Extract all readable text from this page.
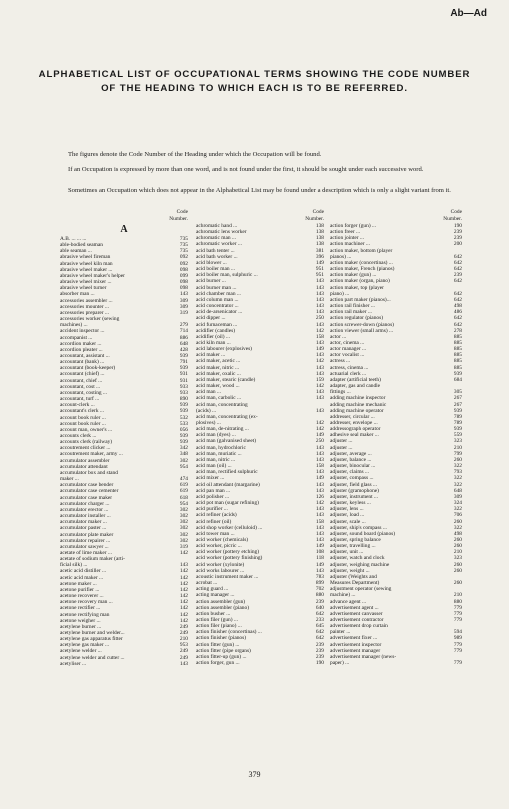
Ab—Ad
ALPHABETICAL LIST OF OCCUPATIONAL TERMS SHOWING THE CODE NUMBER OF THE HEADING TO WHICH EACH IS TO BE REFERRED.
The figures denote the Code Number of the Heading under which the Occupation will be found.
If an Occupation is expressed by more than one word, and is not found under the first, it should be sought under each successive word.
Sometimes an Occupation which does not appear in the Alphabetical List may be found under a description which is only a slight variant from it.
Code
Number.
A
A.B. ... ... ...	735
able-bodied seaman	735
able seaman ...	735
abrasive wheel fireman	092
abrasive wheel kiln man	092
abrasive wheel maker ...	098
abrasive wheel maker's helper	099
abrasive wheel mixer ...	098
abrasive wheel turner	098
absorber man ...	143
accessories assembler ...	309
accessories mounter ...	309
accessories preparer ...	319
accessories worker (sewing
machines) ...	279
accident inspector ...	714
accompanist ...	886
accordion maker ...	648
accordion pleater ...	428
accountant, assistant ...	939
accountant (bank) ...	791
accountant (book-keeper)	939
accountant (chief) ...	931
accountant, chief ...	931
accountant, cost ...	933
accountant, costing ...	933
accountant, turf ...	890
account-clerk ...	939
accountant's clerk ...	939
account book ruler ...	532
account book ruler ...	533
account man, owner's ...	056
accounts clerk ...	939
accounts clerk (railway)	939
accoutrement clicker ...	342
accoutrement maker, army ...	348
accumulator assembler	302
accumulator attendant	954
accumulator box and stand
maker ...	474
accumulator case bender	619
accumulator case cementer	619
accumulator case maker	618
accumulator charger ...	954
accumulator erector ...	302
accumulator installer ...	302
accumulator maker ...	302
accumulator paster ...	302
accumulator plate maker	302
accumulator repairer ...	302
accumulator sawyer ...	319
acetate of lime maker ...	142
acetate of sodium maker (arti-
ficial silk) ...	143
acetic acid distiller ...	142
acetic acid maker ...	142
acetone maker ...	142
acetone purifier ...	142
acetone recoverer ...	142
acetone recovery man ...	142
acetone rectifier ...	142
acetone rectifying man	142
acetone weigher ...	142
acetylene burner ...	249
acetylene burner and welder...	249
acetylene gas apparatus fitter	210
acetylene gas maker ...	953
acetylene welder ...	249
acetylene welder and cutter ...	249
acetyliser ...	143
Code
Number.
achromatic hand ...	138
achromatic lens worker	138
achromatic man ...	138
achromatic worker ...	138
acid bath tenter ...	381
acid bath worker ...	396
acid blower ...	149
acid boiler man ...	951
acid boiler man, sulphuric ...	951
acid burner ...	143
acid burner man ...	143
acid chamber man ...	143
acid column man ...	143
acid concentrator ...	143
acid de-arsenicator ...	143
acid dipper ...	250
acid furnaceman ...	143
acidifier (candles)	142
acidifier (oil) ...	158
acid kiln man ...	143
acid labourer (explosives)	149
acid maker ...	143
acid maker, acetic ...	142
acid maker, nitric ...	143
acid maker, oxalic ...	143
acid maker, stearic (candle)	159
acid maker, wood ...	142
acid man ...	143
acid man, carbolic ...	143
acid man, concentrating
(acids) ...	143
acid man, concentrating (ex-
plosives) ...	142
acid man, de-nitrating ...	142
acid man (dyes) ...	149
acid man (galvanised sheet)	250
acid man, hydrochloric	143
acid man, muriatic ...	143
acid man, nitric ...	143
acid man (oil) ...	158
acid man, rectified sulphuric	143
acid mixer ...	149
acid oil attendant (margarine)	143
acid pan man ...	143
acid polisher ...	126
acid pot man (sugar refining)	142
acid purifier ...	143
acid refiner (acids)	143
acid refiner (oil)	158
acid shop worker (celluloid) ...	143
acid tower man ...	143
acid worker (chemicals)	143
acid worker, picric ...	149
acid worker (pottery etching)	108
acid worker (pottery finishing)	118
acid worker (xylonite)	149
acid works labourer ...	143
acoustic instrument maker ...	783
acrobat ...	899
acting guard ...	702
acting manager ...	880
action assembler (gun)	239
action assembler (piano)	640
action busher ...	642
action filer (gun) ...	233
action filer (piano) ...	645
action finisher (concertinas) ...	642
action finisher (pianos)	642
action fitter (gun) ...	239
action fitter (pipe organs)	239
action fitter-up (gun) ...	239
action forger, gun ...	190
Code
Number.
action forger (gun) ...	190
action freer ...	239
action jointer ...	239
action machiner ...	200
action maker, bottom (player
pianos) ...	642
action maker (concertinas) ...	642
action maker, French (pianos)	642
action maker (gun) ...	239
action maker (organ, piano)	642
action maker, top (player
piano) ...	642
action part maker (pianos)...	642
action rail finisher ...	498
action rail maker ...	486
action regulator (pianos)	642
action screwer-down (pianos)	642
action viewer (small arms) ...	278
actor ...	885
actor, cinema ...	885
actor manager ...	885
actor vocalist ...	885
actress ...	885
actress, cinema ...	885
actuarial clerk ...	939
adapter (artificial teeth)	684
adapter, gas and candle
fittings ...	305
adding machine inspector	267
adding machine mechanic	267
adding machine operator	939
addresser, circular ...	789
addresser, envelope ...	789
addressograph operator	939
adhesive seal maker ...	559
adjuster ...	323
adjuster ...	210
adjuster, average ...	799
adjuster, balance ...	260
adjuster, binocular ...	322
adjuster, claims ...	793
adjuster, compass ...	322
adjuster, field glass ...	322
adjuster (gramophone)	648
adjuster, instrument ...	309
adjuster, keyless ...	324
adjuster, lens ...	322
adjuster, load ...	706
adjuster, scale ...	260
adjuster, ship's compass ...	322
adjuster, sound board (pianos)	498
adjuster, spring balance	260
adjuster, travelling ...	260
adjuster, unit ...	210
adjuster, watch and clock	323
adjuster, weighing machine	260
adjuster, weight ...	260
adjuster (Weights and
Measures Department)	260
adjustment operator (sewing
machine) ...	210
advance agent ...	880
advertisement agent ...	779
advertisement canvasser	779
advertisement contractor	779
advertisement drop curtain
painter ...	594
advertisement fixer ...	989
advertisement inspector	779
advertisement manager	779
advertisement manager (news-
paper) ...	779
379
